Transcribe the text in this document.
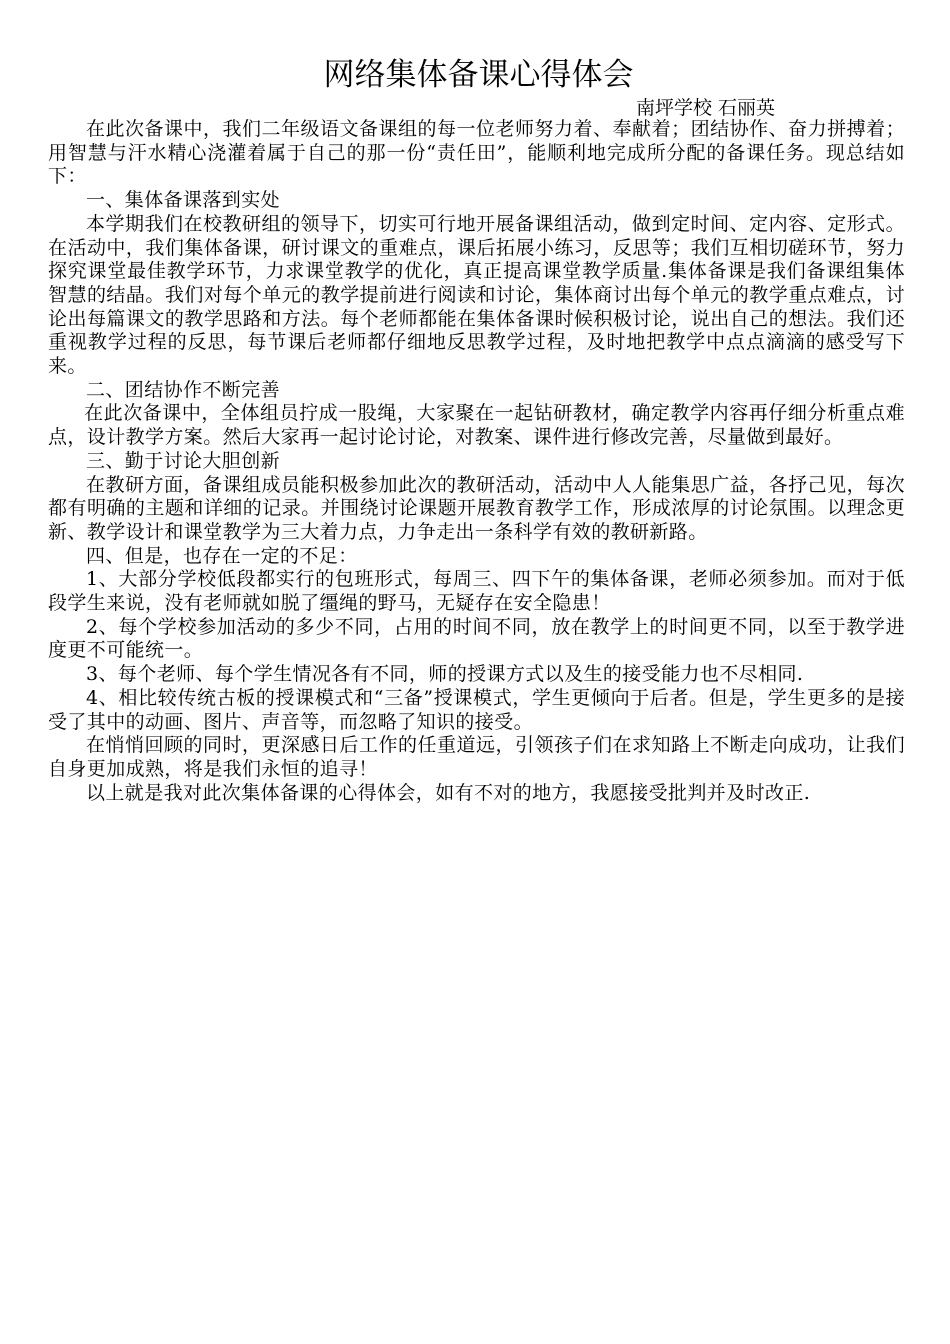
网络集体备课心得体会

南坪学校 石丽英

在此次备课中，我们二年级语文备课组的每一位老师努力着、奉献着；团结协作、奋力拼搏着；用智慧与汗水精心浇灌着属于自己的那一份“责任田”，能顺利地完成所分配的备课任务。现总结如下：

一、集体备课落到实处

本学期我们在校教研组的领导下，切实可行地开展备课组活动，做到定时间、定内容、定形式。在活动中，我们集体备课，研讨课文的重难点，课后拓展小练习，反思等；我们互相切磋环节，努力探究课堂最佳教学环节，力求课堂教学的优化，真正提高课堂教学质量.集体备课是我们备课组集体智慧的结晶。我们对每个单元的教学提前进行阅读和讨论，集体商讨出每个单元的教学重点难点，讨论出每篇课文的教学思路和方法。每个老师都能在集体备课时候积极讨论，说出自己的想法。我们还重视教学过程的反思，每节课后老师都仔细地反思教学过程，及时地把教学中点点滴滴的感受写下来。

二、团结协作不断完善

在此次备课中，全体组员拧成一股绳，大家聚在一起钻研教材，确定教学内容再仔细分析重点难点，设计教学方案。然后大家再一起讨论讨论，对教案、课件进行修改完善，尽量做到最好。

三、勤于讨论大胆创新

在教研方面，备课组成员能积极参加此次的教研活动，活动中人人能集思广益，各抒己见，每次都有明确的主题和详细的记录。并围绕讨论课题开展教育教学工作，形成浓厚的讨论氛围。以理念更新、教学设计和课堂教学为三大着力点，力争走出一条科学有效的教研新路。

四、但是，也存在一定的不足：

1、大部分学校低段都实行的包班形式，每周三、四下午的集体备课，老师必须参加。而对于低段学生来说，没有老师就如脱了缰绳的野马，无疑存在安全隐患！

2、每个学校参加活动的多少不同，占用的时间不同，放在教学上的时间更不同，以至于教学进度更不可能统一。

3、每个老师、每个学生情况各有不同，师的授课方式以及生的接受能力也不尽相同.

4、相比较传统古板的授课模式和“三备”授课模式，学生更倾向于后者。但是，学生更多的是接受了其中的动画、图片、声音等，而忽略了知识的接受。

在悄悄回顾的同时，更深感日后工作的任重道远，引领孩子们在求知路上不断走向成功，让我们自身更加成熟，将是我们永恒的追寻！

以上就是我对此次集体备课的心得体会，如有不对的地方，我愿接受批判并及时改正.
